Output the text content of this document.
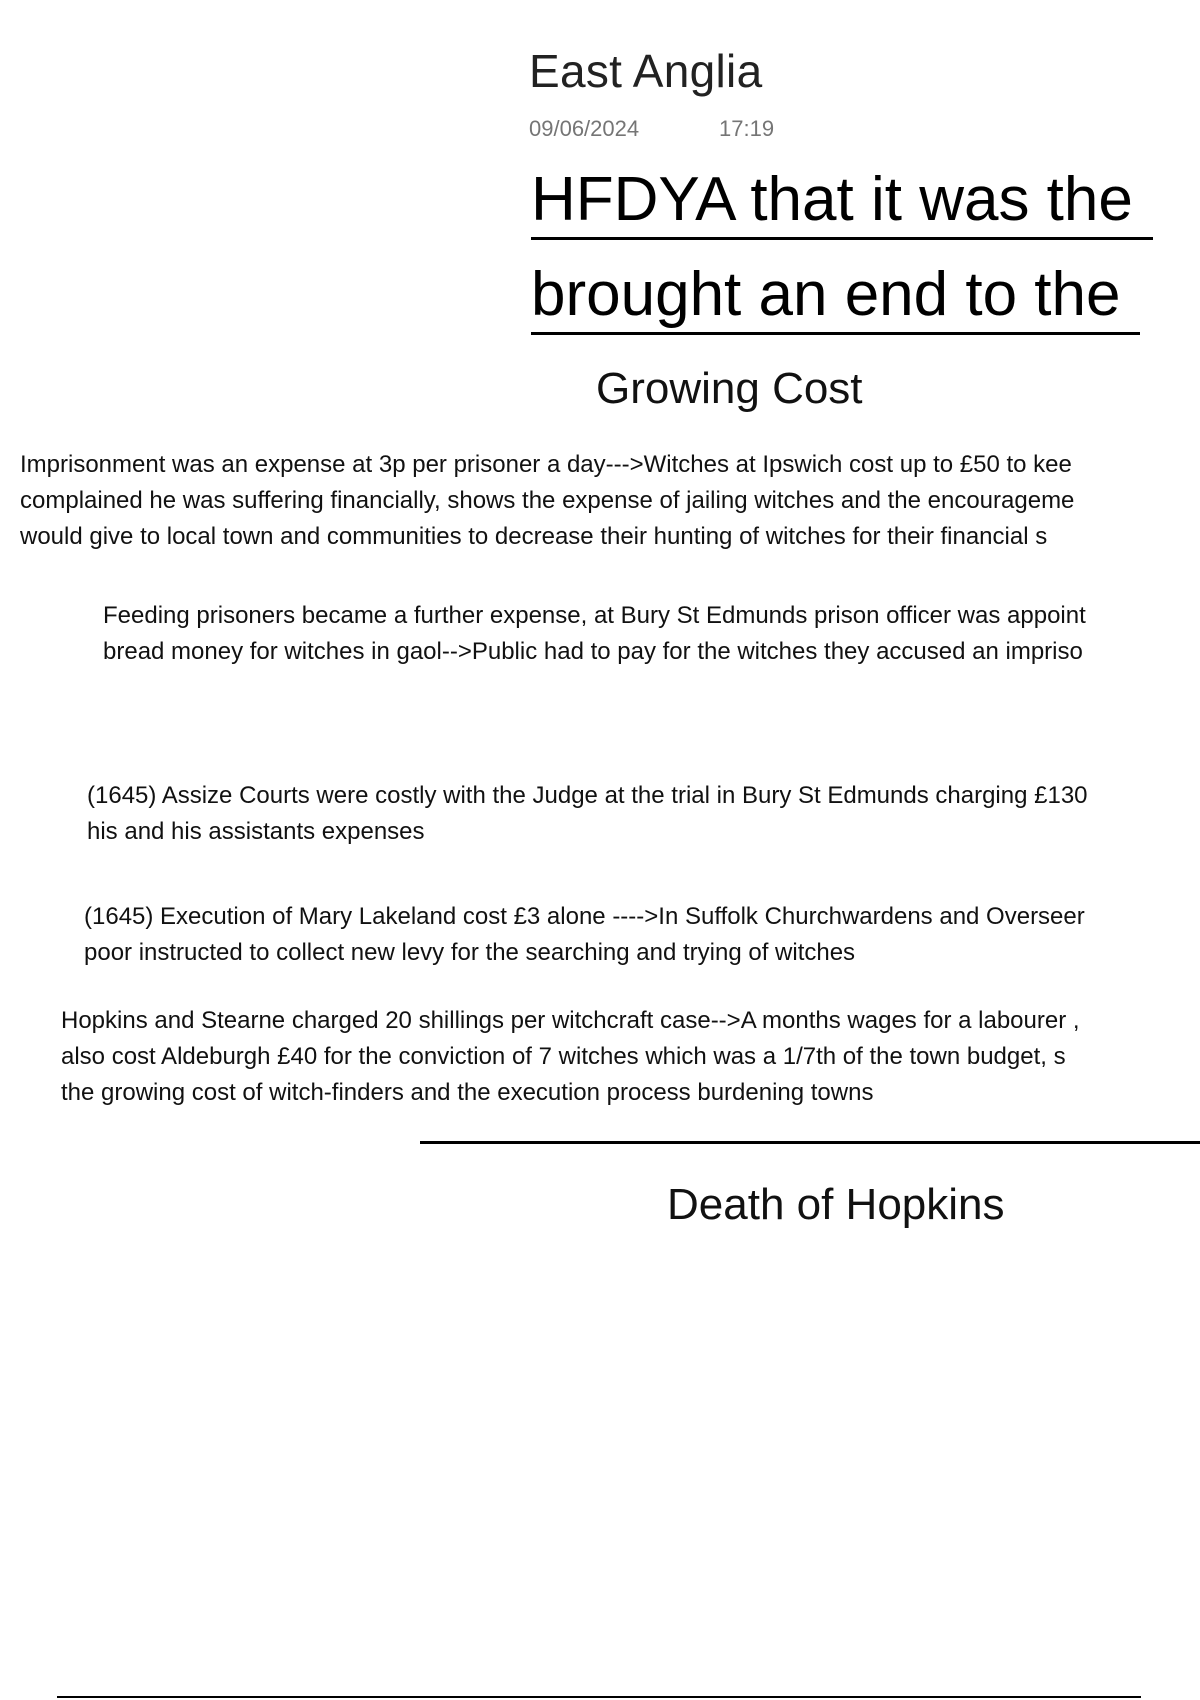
East Anglia
09/06/2024	17:19
HFDYA that it was the
brought an end to the
Growing Cost
Imprisonment was an expense at 3p per prisoner a day--->Witches at Ipswich cost up to £50 to kee
complained he was suffering financially, shows the expense of jailing witches and the encourageme
would give to local town and communities to decrease their hunting of witches for their financial s
Feeding prisoners became a further expense, at Bury St Edmunds prison officer was appoint
bread money for witches in gaol-->Public had to pay for the witches they accused an impriso
(1645) Assize Courts were costly with the Judge at the trial in Bury St Edmunds charging £130
his and his assistants expenses
(1645) Execution of Mary Lakeland cost £3 alone ---->In Suffolk Churchwardens and Overseer
poor instructed to collect new levy for the searching and trying of witches
Hopkins and Stearne charged 20 shillings per witchcraft case-->A months wages for a labourer ,
also cost Aldeburgh £40 for the conviction of 7 witches which was a 1/7th of the town budget, s
the growing cost of witch-finders and the execution process burdening towns
Death of Hopkins
